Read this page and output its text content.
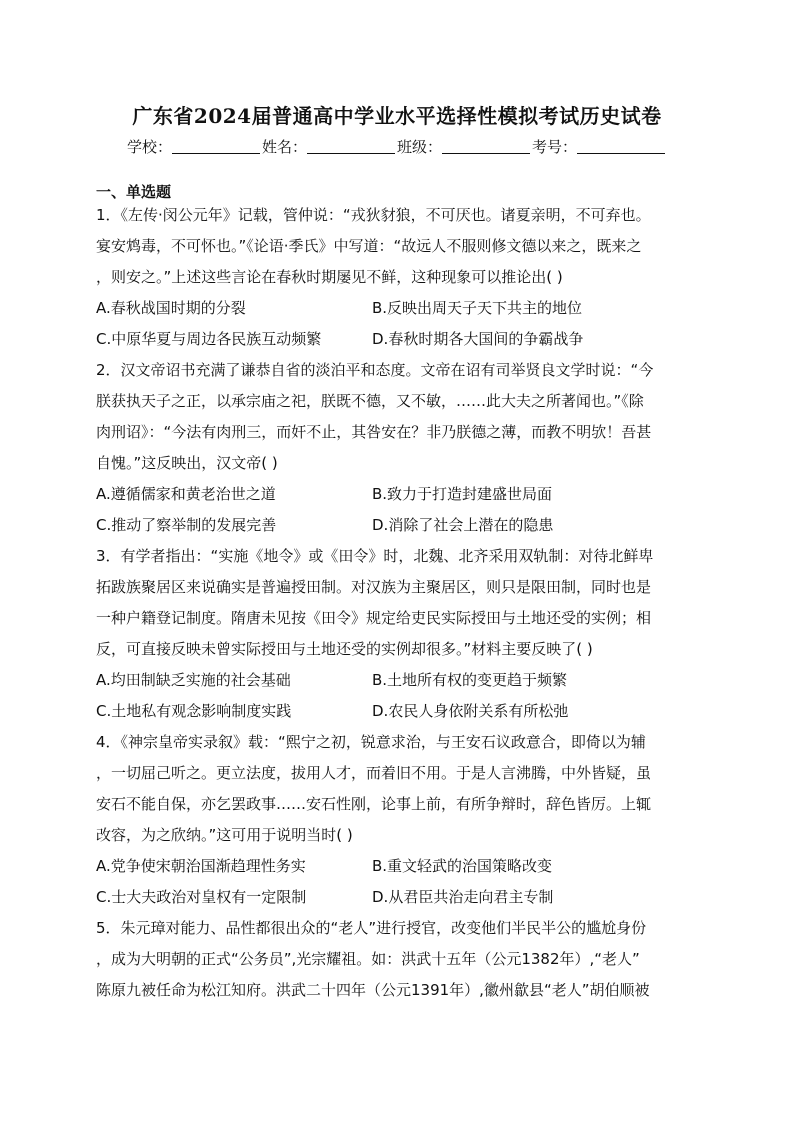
广东省2024届普通高中学业水平选择性模拟考试历史试卷
学校：	姓名：	班级：	考号：
一、单选题
1．《左传·闵公元年》记载，管仲说：“戎狄豺狼，不可厌也。诸夏亲明，不可弃也。
宴安鸩毒，不可怀也。”《论语·季氏》中写道：“故远人不服则修文德以来之，既来之
，则安之。”上述这些言论在春秋时期屡见不鲜，这种现象可以推论出( )
A.春秋战国时期的分裂	B.反映出周天子天下共主的地位
C.中原华夏与周边各民族互动频繁	D.春秋时期各大国间的争霸战争
2．汉文帝诏书充满了谦恭自省的淡泊平和态度。文帝在诏有司举贤良文学时说：“今
朕获执天子之正，以承宗庙之祀，朕既不德，又不敏，……此大夫之所著闻也。”《除
肉刑诏》：“今法有肉刑三，而奸不止，其咎安在？非乃朕德之薄，而教不明欤！吾甚
自愧。”这反映出，汉文帝( )
A.遵循儒家和黄老治世之道	B.致力于打造封建盛世局面
C.推动了察举制的发展完善	D.消除了社会上潜在的隐患
3．有学者指出：“实施《地令》或《田令》时，北魏、北齐采用双轨制：对待北鲜卑
拓跋族聚居区来说确实是普遍授田制。对汉族为主聚居区，则只是限田制，同时也是
一种户籍登记制度。隋唐未见按《田令》规定给吏民实际授田与土地还受的实例；相
反，可直接反映未曾实际授田与土地还受的实例却很多。”材料主要反映了( )
A.均田制缺乏实施的社会基础	B.土地所有权的变更趋于频繁
C.土地私有观念影响制度实践	D.农民人身依附关系有所松弛
4．《神宗皇帝实录叙》载：“熙宁之初，锐意求治，与王安石议政意合，即倚以为辅
，一切屈己听之。更立法度，拔用人才，而着旧不用。于是人言沸腾，中外皆疑，虽
安石不能自保，亦乞罢政事……安石性刚，论事上前，有所争辩时，辞色皆厉。上辄
改容，为之欣纳。”这可用于说明当时( )
A.党争使宋朝治国渐趋理性务实	B.重文轻武的治国策略改变
C.士大夫政治对皇权有一定限制	D.从君臣共治走向君主专制
5．朱元璋对能力、品性都很出众的“老人”进行授官，改变他们半民半公的尴尬身份
，成为大明朝的正式“公务员”,光宗耀祖。如：洪武十五年（公元1382年）,“老人”
陈原九被任命为松江知府。洪武二十四年（公元1391年）,徽州歙县“老人”胡伯顺被
